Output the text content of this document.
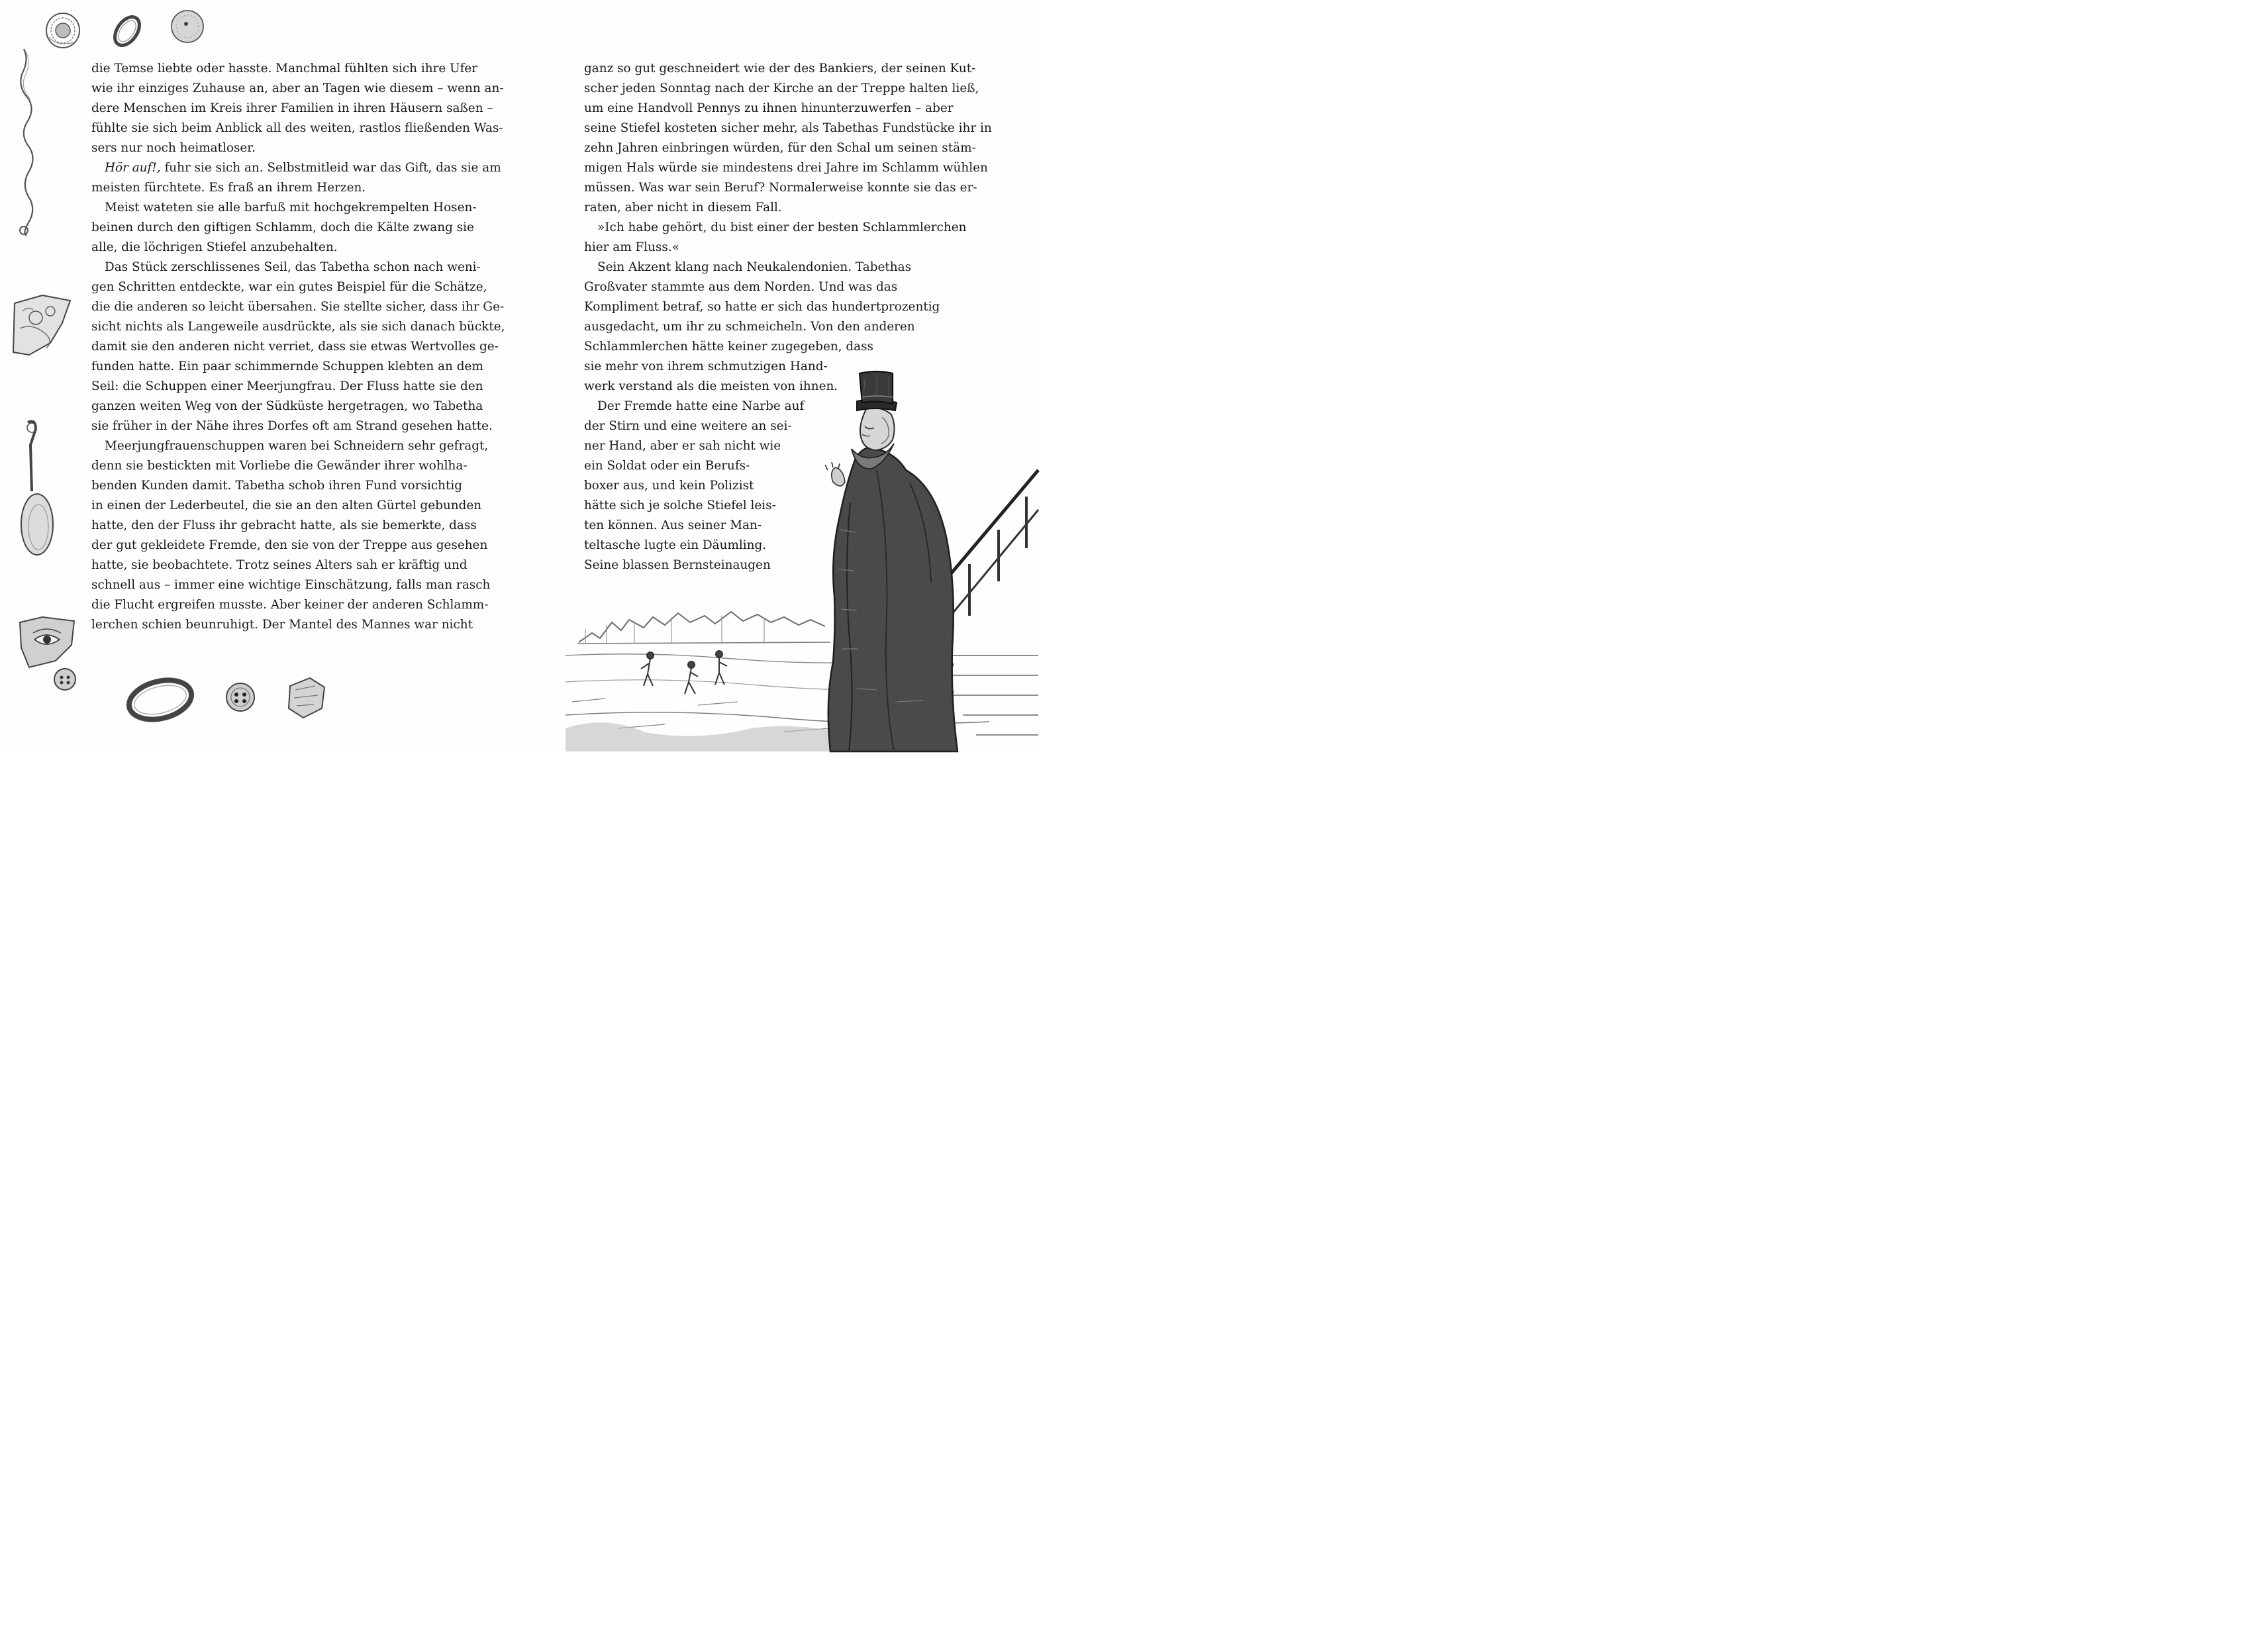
die Temse liebte oder hasste. Manchmal fühlten sich ihre Ufer
wie ihr einziges Zuhause an, aber an Tagen wie diesem – wenn an-
dere Menschen im Kreis ihrer Familien in ihren Häusern saßen –
fühlte sie sich beim Anblick all des weiten, rastlos fließenden Was-
sers nur noch heimatloser.
Hör auf!, fuhr sie sich an. Selbstmitleid war das Gift, das sie am
meisten fürchtete. Es fraß an ihrem Herzen.
Meist wateten sie alle barfuß mit hochgekrempelten Hosen-
beinen durch den giftigen Schlamm, doch die Kälte zwang sie
alle, die löchrigen Stiefel anzubehalten.
Das Stück zerschlissenes Seil, das Tabetha schon nach weni-
gen Schritten entdeckte, war ein gutes Beispiel für die Schätze,
die die anderen so leicht übersahen. Sie stellte sicher, dass ihr Ge-
sicht nichts als Langeweile ausdrückte, als sie sich danach bückte,
damit sie den anderen nicht verriet, dass sie etwas Wertvolles ge-
funden hatte. Ein paar schimmernde Schuppen klebten an dem
Seil: die Schuppen einer Meerjungfrau. Der Fluss hatte sie den
ganzen weiten Weg von der Südküste hergetragen, wo Tabetha
sie früher in der Nähe ihres Dorfes oft am Strand gesehen hatte.
Meerjungfrauenschuppen waren bei Schneidern sehr gefragt,
denn sie bestickten mit Vorliebe die Gewänder ihrer wohlha-
benden Kunden damit. Tabetha schob ihren Fund vorsichtig
in einen der Lederbeutel, die sie an den alten Gürtel gebunden
hatte, den der Fluss ihr gebracht hatte, als sie bemerkte, dass
der gut gekleidete Fremde, den sie von der Treppe aus gesehen
hatte, sie beobachtete. Trotz seines Alters sah er kräftig und
schnell aus – immer eine wichtige Einschätzung, falls man rasch
die Flucht ergreifen musste. Aber keiner der anderen Schlamm-
lerchen schien beunruhigt. Der Mantel des Mannes war nicht
ganz so gut geschneidert wie der des Bankiers, der seinen Kut-
scher jeden Sonntag nach der Kirche an der Treppe halten ließ,
um eine Handvoll Pennys zu ihnen hinunterzuwerfen – aber
seine Stiefel kosteten sicher mehr, als Tabethas Fundstücke ihr in
zehn Jahren einbringen würden, für den Schal um seinen stäm-
migen Hals würde sie mindestens drei Jahre im Schlamm wühlen
müssen. Was war sein Beruf? Normalerweise konnte sie das er-
raten, aber nicht in diesem Fall.
»Ich habe gehört, du bist einer der besten Schlammlerchen
hier am Fluss.«
Sein Akzent klang nach Neukalendonien. Tabethas
Großvater stammte aus dem Norden. Und was das
Kompliment betraf, so hatte er sich das hundertprozentig
ausgedacht, um ihr zu schmeicheln. Von den anderen
Schlammlerchen hätte keiner zugegeben, dass
sie mehr von ihrem schmutzigen Hand-
werk verstand als die meisten von ihnen.
Der Fremde hatte eine Narbe auf
der Stirn und eine weitere an sei-
ner Hand, aber er sah nicht wie
ein Soldat oder ein Berufs-
boxer aus, und kein Polizist
hätte sich je solche Stiefel leis-
ten können. Aus seiner Man-
teltasche lugte ein Däumling.
Seine blassen Bernsteinaugen
